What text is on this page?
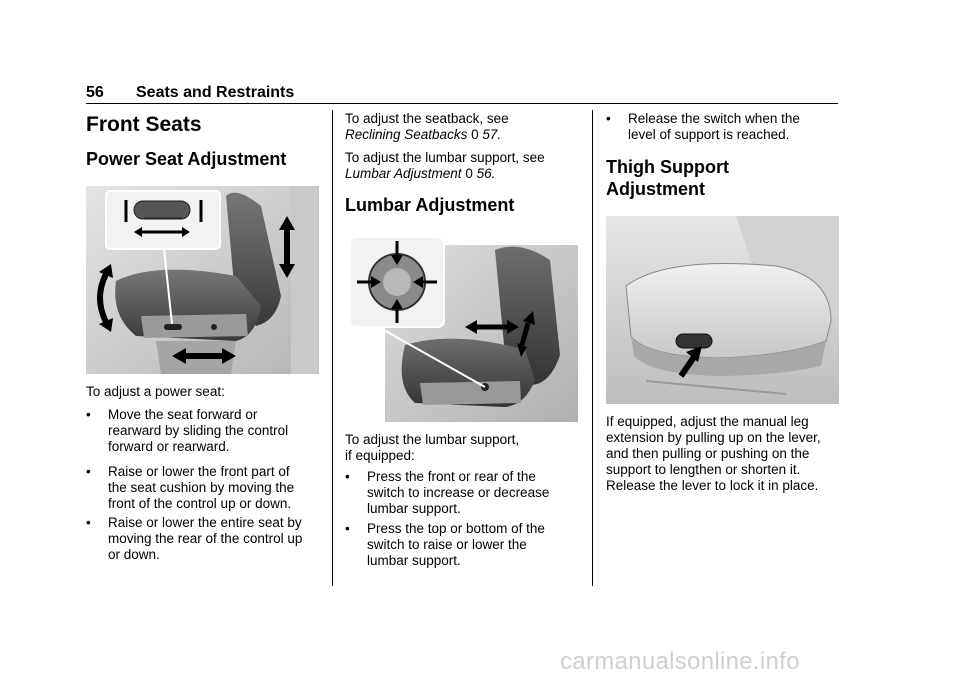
56 Seats and Restraints
Front Seats
Power Seat Adjustment
To adjust a power seat:
• Move the seat forward or
rearward by sliding the control
forward or rearward.
• Raise or lower the front part of
the seat cushion by moving the
front of the control up or down.
• Raise or lower the entire seat by
moving the rear of the control up
or down.
To adjust the seatback, see
Reclining Seatbacks 0 57.
To adjust the lumbar support, see
Lumbar Adjustment 0 56.
Lumbar Adjustment
To adjust the lumbar support,
if equipped:
• Press the front or rear of the
switch to increase or decrease
lumbar support.
• Press the top or bottom of the
switch to raise or lower the
lumbar support.
• Release the switch when the
level of support is reached.
Thigh Support
Adjustment
If equipped, adjust the manual leg
extension by pulling up on the lever,
and then pulling or pushing on the
support to lengthen or shorten it.
Release the lever to lock it in place.
carmanualsonline.info
